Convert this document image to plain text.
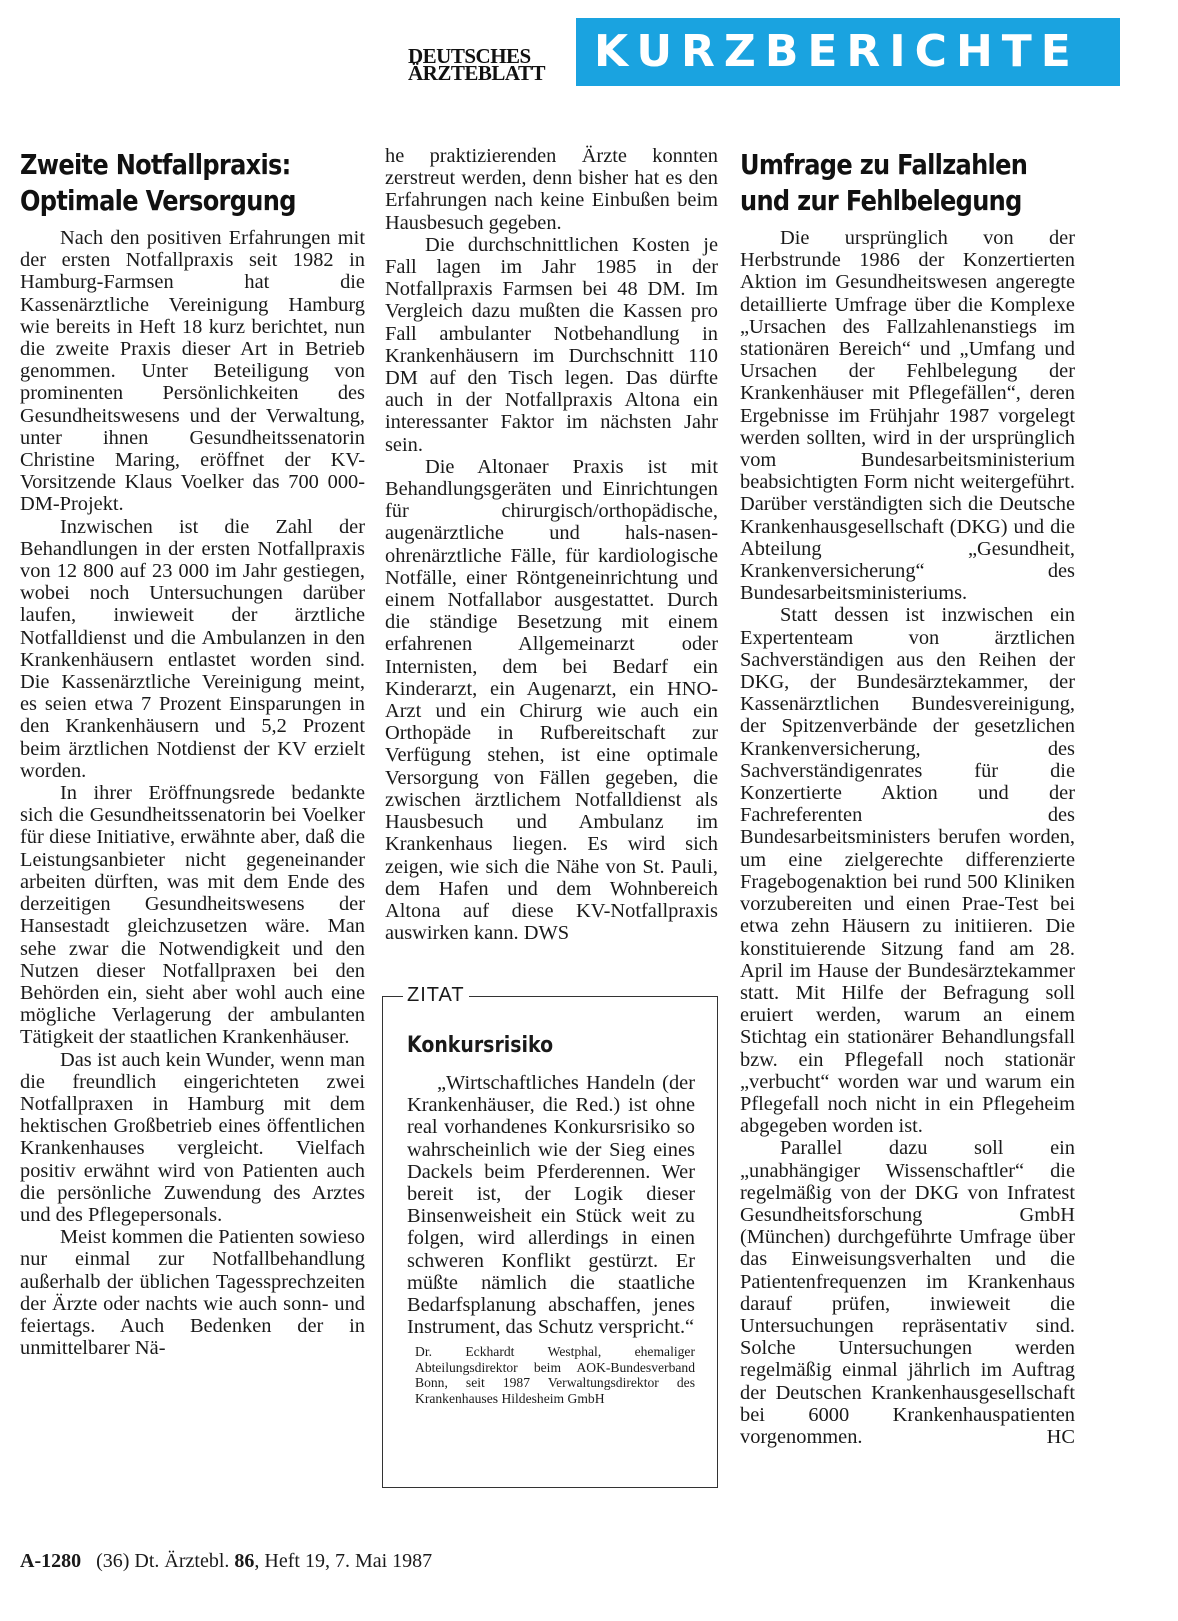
DEUTSCHES
ÄRZTEBLATT	KURZBERICHTE
Zweite Notfallpraxis:
Optimale Versorgung

Nach den positiven Erfahrungen mit der ersten Notfallpraxis seit 1982 in Hamburg-Farmsen hat die Kassenärztliche Vereinigung Hamburg wie bereits in Heft 18 kurz berichtet, nun die zweite Praxis dieser Art in Betrieb genommen. Unter Beteiligung von prominenten Persönlichkeiten des Gesundheitswesens und der Verwaltung, unter ihnen Gesundheitssenatorin Christine Maring, eröffnet der KV-Vorsitzende Klaus Voelker das 700 000-DM-Projekt.

Inzwischen ist die Zahl der Behandlungen in der ersten Notfallpraxis von 12 800 auf 23 000 im Jahr gestiegen, wobei noch Untersuchungen darüber laufen, inwieweit der ärztliche Notfalldienst und die Ambulanzen in den Krankenhäusern entlastet worden sind. Die Kassenärztliche Vereinigung meint, es seien etwa 7 Prozent Einsparungen in den Krankenhäusern und 5,2 Prozent beim ärztlichen Notdienst der KV erzielt worden.

In ihrer Eröffnungsrede bedankte sich die Gesundheitssenatorin bei Voelker für diese Initiative, erwähnte aber, daß die Leistungsanbieter nicht gegeneinander arbeiten dürften, was mit dem Ende des derzeitigen Gesundheitswesens der Hansestadt gleichzusetzen wäre. Man sehe zwar die Notwendigkeit und den Nutzen dieser Notfallpraxen bei den Behörden ein, sieht aber wohl auch eine mögliche Verlagerung der ambulanten Tätigkeit der staatlichen Krankenhäuser.

Das ist auch kein Wunder, wenn man die freundlich eingerichteten zwei Notfallpraxen in Hamburg mit dem hektischen Großbetrieb eines öffentlichen Krankenhauses vergleicht. Vielfach positiv erwähnt wird von Patienten auch die persönliche Zuwendung des Arztes und des Pflegepersonals.

Meist kommen die Patienten sowieso nur einmal zur Notfallbehandlung außerhalb der üblichen Tagessprechzeiten der Ärzte oder nachts wie auch sonn- und feiertags. Auch Bedenken der in unmittelbarer Nä-

he praktizierenden Ärzte konnten zerstreut werden, denn bisher hat es den Erfahrungen nach keine Einbußen beim Hausbesuch gegeben.

Die durchschnittlichen Kosten je Fall lagen im Jahr 1985 in der Notfallpraxis Farmsen bei 48 DM. Im Vergleich dazu mußten die Kassen pro Fall ambulanter Notbehandlung in Krankenhäusern im Durchschnitt 110 DM auf den Tisch legen. Das dürfte auch in der Notfallpraxis Altona ein interessanter Faktor im nächsten Jahr sein.

Die Altonaer Praxis ist mit Behandlungsgeräten und Einrichtungen für chirurgisch/orthopädische, augenärztliche und hals-nasen-ohrenärztliche Fälle, für kardiologische Notfälle, einer Röntgeneinrichtung und einem Notfallabor ausgestattet. Durch die ständige Besetzung mit einem erfahrenen Allgemeinarzt oder Internisten, dem bei Bedarf ein Kinderarzt, ein Augenarzt, ein HNO-Arzt und ein Chirurg wie auch ein Orthopäde in Rufbereitschaft zur Verfügung stehen, ist eine optimale Versorgung von Fällen gegeben, die zwischen ärztlichem Notfalldienst als Hausbesuch und Ambulanz im Krankenhaus liegen. Es wird sich zeigen, wie sich die Nähe von St. Pauli, dem Hafen und dem Wohnbereich Altona auf diese KV-Notfallpraxis auswirken kann. DWS

ZITAT
Konkursrisiko

„Wirtschaftliches Handeln (der Krankenhäuser, die Red.) ist ohne real vorhandenes Konkursrisiko so wahrscheinlich wie der Sieg eines Dackels beim Pferderennen. Wer bereit ist, der Logik dieser Binsenweisheit ein Stück weit zu folgen, wird allerdings in einen schweren Konflikt gestürzt. Er müßte nämlich die staatliche Bedarfsplanung abschaffen, jenes Instrument, das Schutz verspricht.“

Dr. Eckhardt Westphal, ehemaliger Abteilungsdirektor beim AOK-Bundesverband Bonn, seit 1987 Verwaltungsdirektor des Krankenhauses Hildesheim GmbH
Umfrage zu Fallzahlen
und zur Fehlbelegung

Die ursprünglich von der Herbstrunde 1986 der Konzertierten Aktion im Gesundheitswesen angeregte detaillierte Umfrage über die Komplexe „Ursachen des Fallzahlenanstiegs im stationären Bereich“ und „Umfang und Ursachen der Fehlbelegung der Krankenhäuser mit Pflegefällen“, deren Ergebnisse im Frühjahr 1987 vorgelegt werden sollten, wird in der ursprünglich vom Bundesarbeitsministerium beabsichtigten Form nicht weitergeführt. Darüber verständigten sich die Deutsche Krankenhausgesellschaft (DKG) und die Abteilung „Gesundheit, Krankenversicherung“ des Bundesarbeitsministeriums.

Statt dessen ist inzwischen ein Expertenteam von ärztlichen Sachverständigen aus den Reihen der DKG, der Bundesärztekammer, der Kassenärztlichen Bundesvereinigung, der Spitzenverbände der gesetzlichen Krankenversicherung, des Sachverständigenrates für die Konzertierte Aktion und der Fachreferenten des Bundesarbeitsministers berufen worden, um eine zielgerechte differenzierte Fragebogenaktion bei rund 500 Kliniken vorzubereiten und einen Prae-Test bei etwa zehn Häusern zu initiieren. Die konstituierende Sitzung fand am 28. April im Hause der Bundesärztekammer statt. Mit Hilfe der Befragung soll eruiert werden, warum an einem Stichtag ein stationärer Behandlungsfall bzw. ein Pflegefall noch stationär „verbucht“ worden war und warum ein Pflegefall noch nicht in ein Pflegeheim abgegeben worden ist.

Parallel dazu soll ein „unabhängiger Wissenschaftler“ die regelmäßig von der DKG von Infratest Gesundheitsforschung GmbH (München) durchgeführte Umfrage über das Einweisungsverhalten und die Patientenfrequenzen im Krankenhaus darauf prüfen, inwieweit die Untersuchungen repräsentativ sind. Solche Untersuchungen werden regelmäßig einmal jährlich im Auftrag der Deutschen Krankenhausgesellschaft bei 6000 Krankenhauspatienten vorgenommen.	HC

A-1280 (36) Dt. Ärztebl. 86, Heft 19, 7. Mai 1987
